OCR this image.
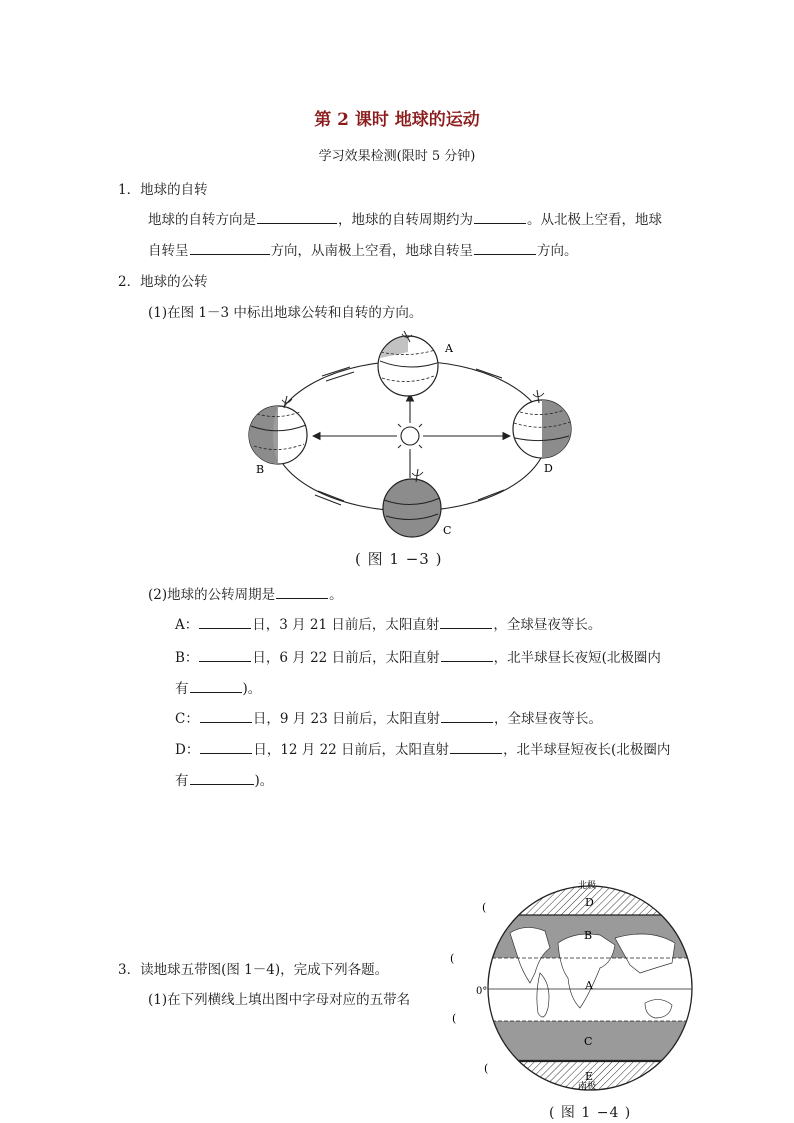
第 2 课时 地球的运动
学习效果检测(限时 5 分钟)
1．地球的自转
地球的自转方向是	，地球的自转周期约为	。从北极上空看，地球
自转呈	方向，从南极上空看，地球自转呈	方向。
2．地球的公转
(1)在图 1－3 中标出地球公转和自转的方向。
A
B
C
D
( 图 1 −3 )
(2)地球的公转周期是	。
A：	日，3 月 21 日前后，太阳直射	，全球昼夜等长。
B：	日，6 月 22 日前后，太阳直射	，北半球昼长夜短(北极圈内
有	)。
C：	日，9 月 23 日前后，太阳直射	，全球昼夜等长。
D：	日，12 月 22 日前后，太阳直射	，北半球昼短夜长(北极圈内
有	)。
3．读地球五带图(图 1－4)，完成下列各题。
(1)在下列横线上填出图中字母对应的五带名
北极
南极
0°
D
B
A
C
E
(
(
(
(
( 图 1 −4 )
